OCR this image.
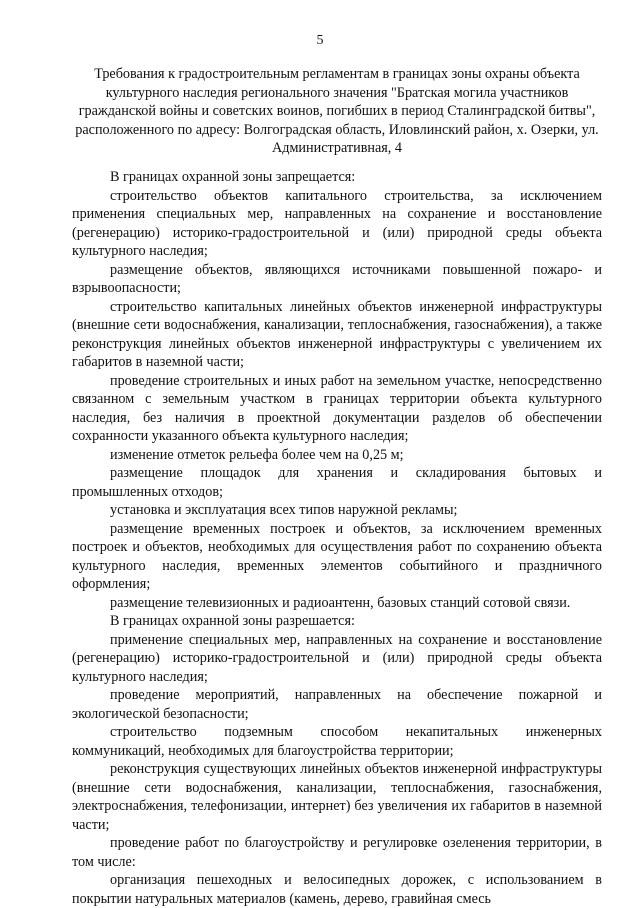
5

Требования к градостроительным регламентам в границах зоны охраны объекта культурного наследия регионального значения "Братская могила участников гражданской войны и советских воинов, погибших в период Сталинградской битвы", расположенного по адресу: Волгоградская область, Иловлинский район, х. Озерки, ул. Административная, 4

В границах охранной зоны запрещается:

строительство объектов капитального строительства, за исключением применения специальных мер, направленных на сохранение и восстановление (регенерацию) историко-градостроительной и (или) природной среды объекта культурного наследия;

размещение объектов, являющихся источниками повышенной пожаро- и взрывоопасности;

строительство капитальных линейных объектов инженерной инфраструктуры (внешние сети водоснабжения, канализации, теплоснабжения, газоснабжения), а также реконструкция линейных объектов инженерной инфраструктуры с увеличением их габаритов в наземной части;

проведение строительных и иных работ на земельном участке, непосредственно связанном с земельным участком в границах территории объекта культурного наследия, без наличия в проектной документации разделов об обеспечении сохранности указанного объекта культурного наследия;

изменение отметок рельефа более чем на 0,25 м;

размещение площадок для хранения и складирования бытовых и промышленных отходов;

установка и эксплуатация всех типов наружной рекламы;

размещение временных построек и объектов, за исключением временных построек и объектов, необходимых для осуществления работ по сохранению объекта культурного наследия, временных элементов событийного и праздничного оформления;

размещение телевизионных и радиоантенн, базовых станций сотовой связи.

В границах охранной зоны разрешается:

применение специальных мер, направленных на сохранение и восстановление (регенерацию) историко-градостроительной и (или) природной среды объекта культурного наследия;

проведение мероприятий, направленных на обеспечение пожарной и экологической безопасности;

строительство подземным способом некапитальных инженерных коммуникаций, необходимых для благоустройства территории;

реконструкция существующих линейных объектов инженерной инфраструктуры (внешние сети водоснабжения, канализации, теплоснабжения, газоснабжения, электроснабжения, телефонизации, интернет) без увеличения их габаритов в наземной части;

проведение работ по благоустройству и регулировке озеленения территории, в том числе:

организация пешеходных и велосипедных дорожек, с использованием в покрытии натуральных материалов (камень, дерево, гравийная смесь
